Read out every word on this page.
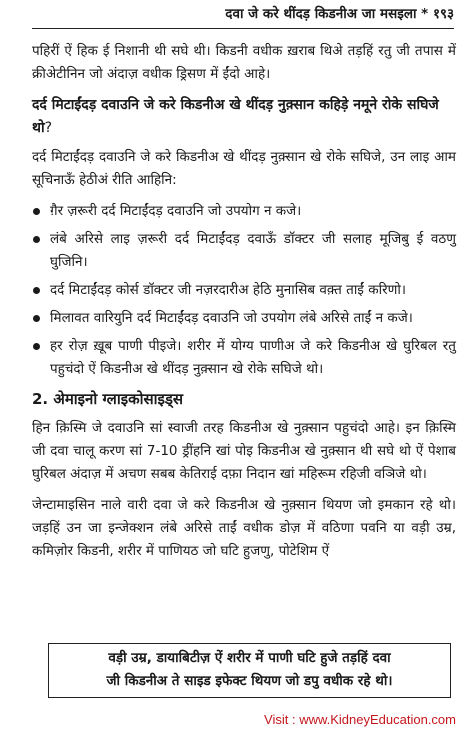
दवा जे करे थींदड़ किडनीअ जा मसइला * १९३

पहिरीं ऐं हिक ई निशानी थी सघे थी। किडनी वधीक ख़राब थिअे तड़हिं रतु जी तपास में क्रीअेटीनिन जो अंदाज़ वधीक ड्रिसण में ईंदो आहे।

दर्द मिटाईंदड़ दवाउनि जे करे किडनीअ खे थींदड़ नुक़्सान कहिड़े नमूने रोके सघिजे थो?

दर्द मिटाईंदड़ दवाउनि जे करे किडनीअ खे थींदड़ नुक़्सान खे रोके सघिजे, उन लाइ आम सूचिनाऊँ हेठीअं रीति आहिनि:

ग़ैर ज़रूरी दर्द मिटाईंदड़ दवाउनि जो उपयोग न कजे।
लंबे अरिसे लाइ ज़रूरी दर्द मिटाईंदड़ दवाऊँ डॉक्टर जी सलाह मूजिबु ई वठणु घुजिनि।
दर्द मिटाईंदड़ कोर्स डॉक्टर जी नज़रदारीअ हेठि मुनासिब वक़्त ताईं करिणो।
मिलावत वारियुनि दर्द मिटाईंदड़ दवाउनि जो उपयोग लंबे अरिसे ताईं न कजे।
हर रोज़ ख़ूब पाणी पीइजे। शरीर में योग्य पाणीअ जे करे किडनीअ खे घुरिबल रतु पहुचंदो ऐं किडनीअ खे थींदड़ नुक़्सान खे रोके सघिजे थो।
2. अेमाइनो ग्लाइकोसाइड्स

हिन क़िस्मि जे दवाउनि सां स्वाजी तरह किडनीअ खे नुक़्सान पहुचंदो आहे। इन क़िस्मि जी दवा चालू करण सां 7-10 ड्रींहनि खां पोइ किडनीअ खे नुक़्सान थी सघे थो ऐं पेशाब घुरिबल अंदाज़ में अचण सबब केतिराई दफ़ा निदान खां महिरूम रहिजी वञिजे थो।

जेन्टामाइसिन नाले वारी दवा जे करे किडनीअ खे नुक़्सान थियण जो इमकान रहे थो। जड़हिं उन जा इन्जेक्शन लंबे अरिसे ताईं वधीक डोज़ में वठिणा पवनि या वड़ी उम्र, कमिज़ोर किडनी, शरीर में पाणियठ जो घटि हुजणु, पोटेशिम ऐं

वड़ी उम्र, डायाबिटीज़ ऐं शरीर में पाणी घटि हुजे तड़हिं दवा
जी किडनीअ ते साइड इफेक्ट थियण जो डपु वधीक रहे थो।
Visit : www.KidneyEducation.com
